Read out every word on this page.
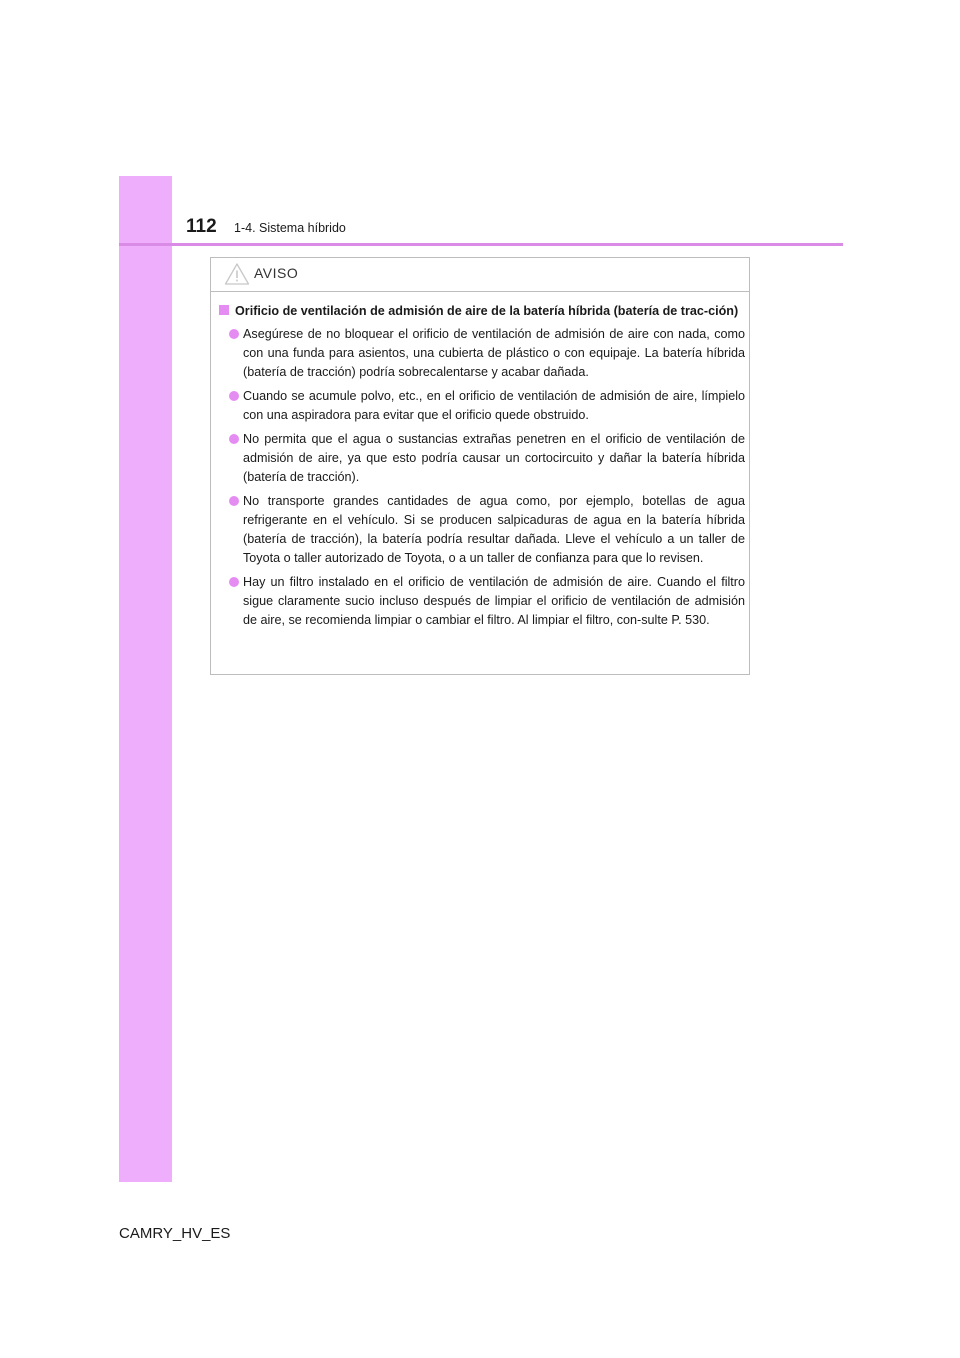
112 1-4. Sistema híbrido
AVISO
Orificio de ventilación de admisión de aire de la batería híbrida (batería de trac-ción)
Asegúrese de no bloquear el orificio de ventilación de admisión de aire con nada, como con una funda para asientos, una cubierta de plástico o con equipaje. La batería híbrida (batería de tracción) podría sobrecalentarse y acabar dañada.
Cuando se acumule polvo, etc., en el orificio de ventilación de admisión de aire, límpielo con una aspiradora para evitar que el orificio quede obstruido.
No permita que el agua o sustancias extrañas penetren en el orificio de ventilación de admisión de aire, ya que esto podría causar un cortocircuito y dañar la batería híbrida (batería de tracción).
No transporte grandes cantidades de agua como, por ejemplo, botellas de agua refrigerante en el vehículo. Si se producen salpicaduras de agua en la batería híbrida (batería de tracción), la batería podría resultar dañada. Lleve el vehículo a un taller de Toyota o taller autorizado de Toyota, o a un taller de confianza para que lo revisen.
Hay un filtro instalado en el orificio de ventilación de admisión de aire. Cuando el filtro sigue claramente sucio incluso después de limpiar el orificio de ventilación de admisión de aire, se recomienda limpiar o cambiar el filtro. Al limpiar el filtro, con-sulte P. 530.
CAMRY_HV_ES
